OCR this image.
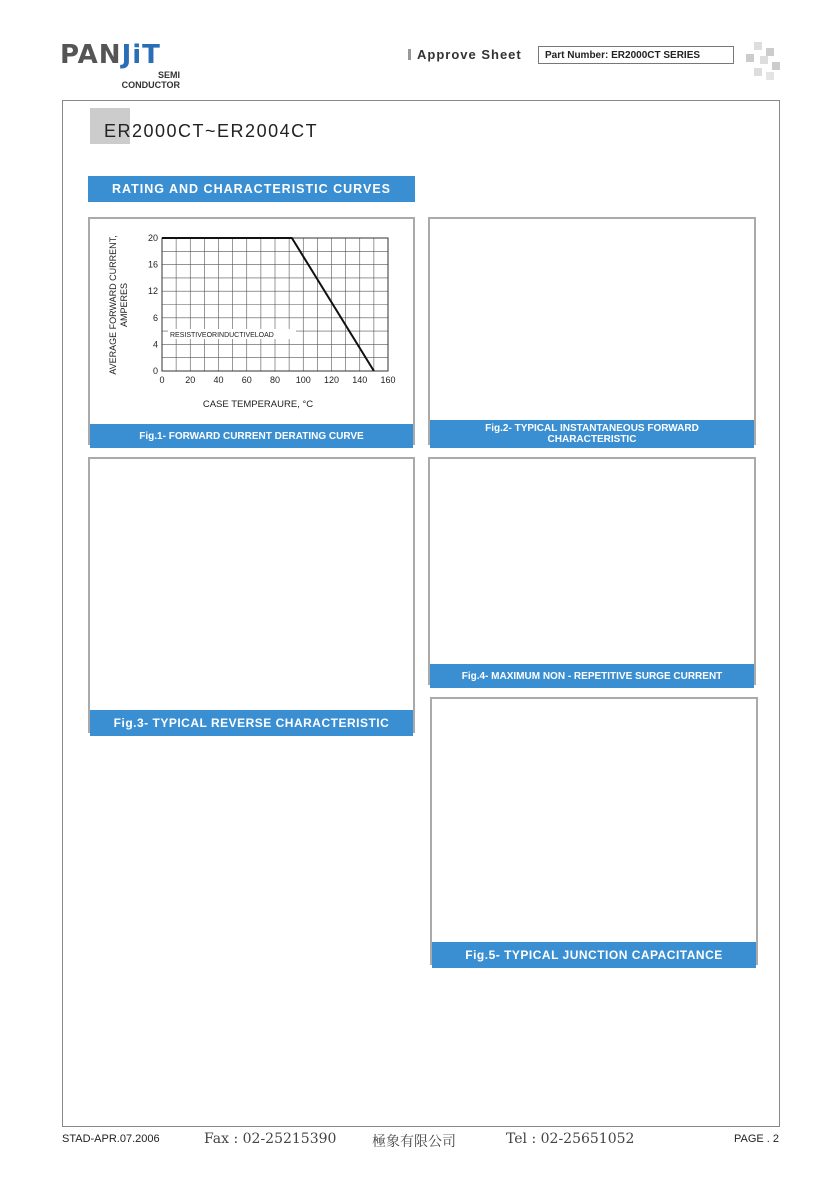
PANJiT
SEMI
CONDUCTOR
Approve Sheet	Part Number: ER2000CT SERIES
ER2000CT~ER2004CT
RATING AND CHARACTERISTIC CURVES
0 20 40 60 80 100 120 140 160
0
4
6
12
16
20
CASE TEMPERAURE, °C
AVERAGE FORWARD CURRENT, AMPERES
RESISTIVEORINDUCTIVELOAD
Fig.1- FORWARD CURRENT DERATING CURVE
Fig.2- TYPICAL INSTANTANEOUS FORWARD CHARACTERISTIC
Fig.3- TYPICAL REVERSE CHARACTERISTIC
Fig.4- MAXIMUM NON - REPETITIVE SURGE CURRENT
Fig.5- TYPICAL JUNCTION CAPACITANCE
STAD-APR.07.2006	Fax : 02-25215390	極象有限公司	Tel : 02-25651052	PAGE . 2
